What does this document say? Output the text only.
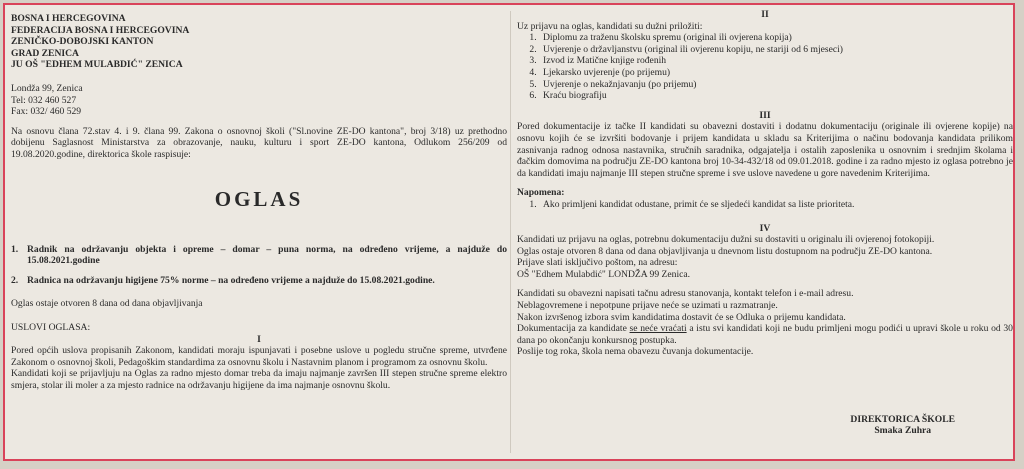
BOSNA I HERCEGOVINA
FEDERACIJA BOSNA I HERCEGOVINA
ZENIČKO-DOBOJSKI KANTON
GRAD ZENICA
JU OŠ "EDHEM MULABDIĆ" ZENICA
Londža 99, Zenica
Tel: 032 460 527
Fax: 032/ 460 529
Na osnovu člana 72.stav 4. i 9. člana 99. Zakona o osnovnoj školi ("Sl.novine ZE-DO kantona", broj 3/18) uz prethodno dobijenu Saglasnost Ministarstva za obrazovanje, nauku, kulturu i sport ZE-DO kantona, Odlukom 256/209 od 19.08.2020.godine, direktorica škole raspisuje:
OGLAS
1. Radnik na održavanju objekta i opreme – domar – puna norma, na određeno vrijeme, a najduže do 15.08.2021.godine
2. Radnica na održavanju higijene 75% norme – na određeno vrijeme a najduže do 15.08.2021.godine.
Oglas ostaje otvoren 8 dana od dana objavljivanja
USLOVI OGLASA:
I
Pored općih uslova propisanih Zakonom, kandidati moraju ispunjavati i posebne uslove u pogledu stručne spreme, utvrđene Zakonom o osnovnoj školi, Pedagoškim standardima za osnovnu školu i Nastavnim planom i programom za osnovnu školu.
Kandidati koji se prijavljuju na Oglas za radno mjesto domar treba da imaju najmanje završen III stepen stručne spreme elektro smjera, stolar ili moler a za mjesto radnice na održavanju higijene da ima najmanje osnovnu školu.
II
Uz prijavu na oglas, kandidati su dužni priložiti:
1. Diplomu za traženu školsku spremu (original ili ovjerena kopija)
2. Uvjerenje o državljanstvu (original ili ovjerenu kopiju, ne stariji od 6 mjeseci)
3. Izvod iz Matične knjige rođenih
4. Ljekarsko uvjerenje (po prijemu)
5. Uvjerenje o nekažnjavanju (po prijemu)
6. Kraću biografiju
III
Pored dokumentacije iz tačke II kandidati su obavezni dostaviti i dodatnu dokumentaciju (originale ili ovjerene kopije) na osnovu kojih će se izvršiti bodovanje i prijem kandidata u skladu sa Kriterijima o načinu bodovanja kandidata prilikom zasnivanja radnog odnosa nastavnika, stručnih saradnika, odgajatelja i ostalih zaposlenika u osnovnim i srednjim školama i đačkim domovima na području ZE-DO kantona broj 10-34-432/18 od 09.01.2018. godine i za radno mjesto iz oglasa potrebno je da kandidati imaju najmanje III stepen stručne spreme i sve uslove navedene u gore navedenim Kriterijima.
Napomena:
1. Ako primljeni kandidat odustane, primit će se sljedeći kandidat sa liste prioriteta.
IV
Kandidati uz prijavu na oglas, potrebnu dokumentaciju dužni su dostaviti u originalu ili ovjerenoj fotokopiji.
Oglas ostaje otvoren 8 dana od dana objavljivanja u dnevnom listu dostupnom na području ZE-DO kantona.
Prijave slati isključivo poštom, na adresu:
OŠ "Edhem Mulabdić" LONDŽA 99 Zenica.
Kandidati su obavezni napisati tačnu adresu stanovanja, kontakt telefon i e-mail adresu.
Neblagovremene i nepotpune prijave neće se uzimati u razmatranje.
Nakon izvršenog izbora svim kandidatima dostavit će se Odluka o prijemu kandidata.
Dokumentacija za kandidate se neće vraćati a istu svi kandidati koji ne budu primljeni mogu podići u upravi škole u roku od 30 dana po okončanju konkursnog postupka.
Poslije tog roka, škola nema obavezu čuvanja dokumentacije.
DIREKTORICA ŠKOLE
Smaka Zuhra
